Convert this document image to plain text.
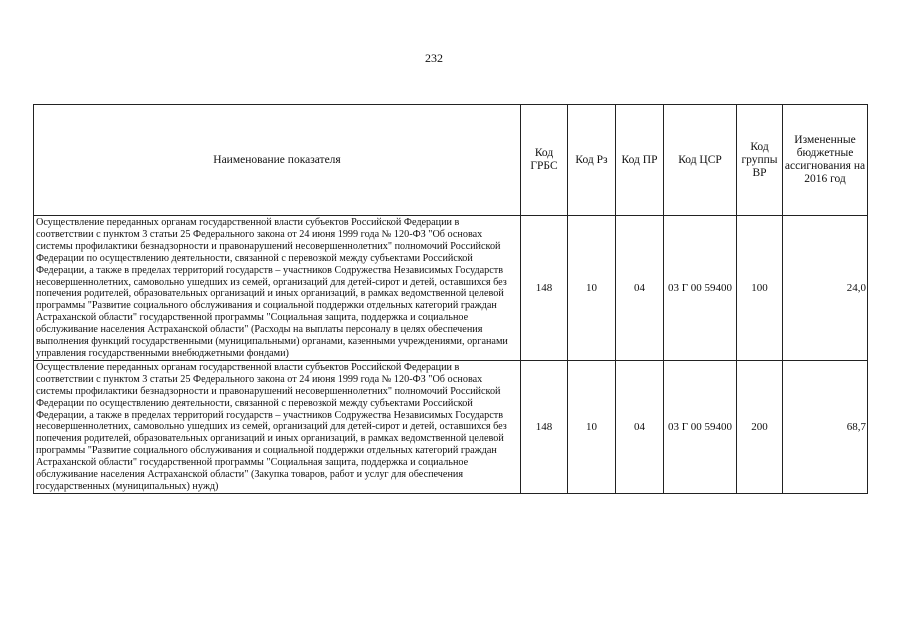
232
Наименование показателя	Код ГРБС	Код Рз	Код ПР	Код ЦСР	Код группы ВР	Измененные бюджетные ассигнования на 2016 год
Осуществление переданных органам государственной власти субъектов Российской Федерации в соответствии с пунктом 3 статьи 25 Федерального закона от 24 июня 1999 года № 120-ФЗ "Об основах системы профилактики безнадзорности и правонарушений несовершеннолетних" полномочий Российской Федерации по осуществлению деятельности, связанной с перевозкой между субъектами Российской Федерации, а также в пределах территорий государств – участников Содружества Независимых Государств несовершеннолетних, самовольно ушедших из семей, организаций для детей-сирот и детей, оставшихся без попечения родителей, образовательных организаций и иных организаций, в рамках ведомственной целевой программы "Развитие социального обслуживания и социальной поддержки отдельных категорий граждан Астраханской области" государственной программы "Социальная защита, поддержка и социальное обслуживание населения Астраханской области" (Расходы на выплаты персоналу в целях обеспечения выполнения функций государственными (муниципальными) органами, казенными учреждениями, органами управления государственными внебюджетными фондами)	148	10	04	03 Г 00 59400	100	24,0
Осуществление переданных органам государственной власти субъектов Российской Федерации в соответствии с пунктом 3 статьи 25 Федерального закона от 24 июня 1999 года № 120-ФЗ "Об основах системы профилактики безнадзорности и правонарушений несовершеннолетних" полномочий Российской Федерации по осуществлению деятельности, связанной с перевозкой между субъектами Российской Федерации, а также в пределах территорий государств – участников Содружества Независимых Государств несовершеннолетних, самовольно ушедших из семей, организаций для детей-сирот и детей, оставшихся без попечения родителей, образовательных организаций и иных организаций, в рамках ведомственной целевой программы "Развитие социального обслуживания и социальной поддержки отдельных категорий граждан Астраханской области" государственной программы "Социальная защита, поддержка и социальное обслуживание населения Астраханской области" (Закупка товаров, работ и услуг для обеспечения государственных (муниципальных) нужд)	148	10	04	03 Г 00 59400	200	68,7
